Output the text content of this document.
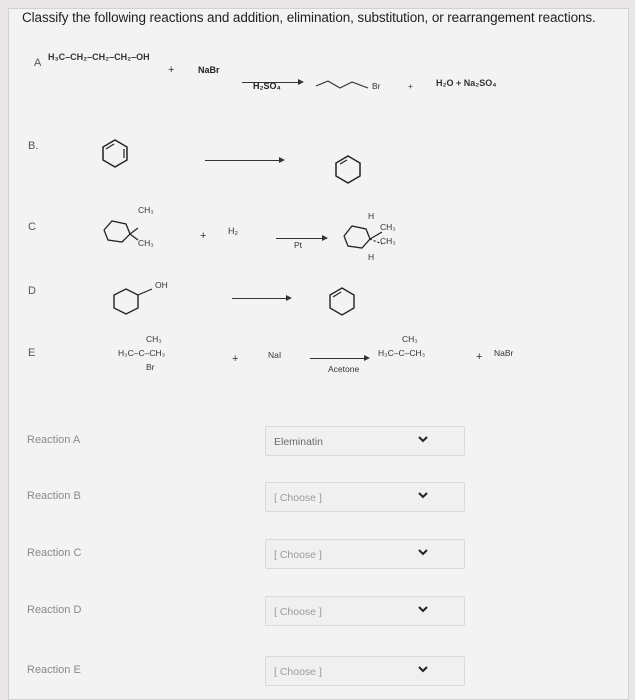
Classify the following reactions and addition, elimination, substitution, or rearrangement reactions.
A H₃C–CH₂–CH₂–CH₂–OH
+	NaBr
H₂SO₄	Br	+	H₂O + Na₂SO₄
B.
C
CH₃
CH₃
+ H₂
Pt
H
CH₃
CH₃
H
D	OH
E
CH₃
H₃C–C–CH₃
Br
+	NaI
Acetone
CH₃
H₃C–C–CH₃	+ NaBr
Reaction A	Eleminatin
Reaction B	[ Choose ]
Reaction C	[ Choose ]
Reaction D	[ Choose ]
Reaction E	[ Choose ]
